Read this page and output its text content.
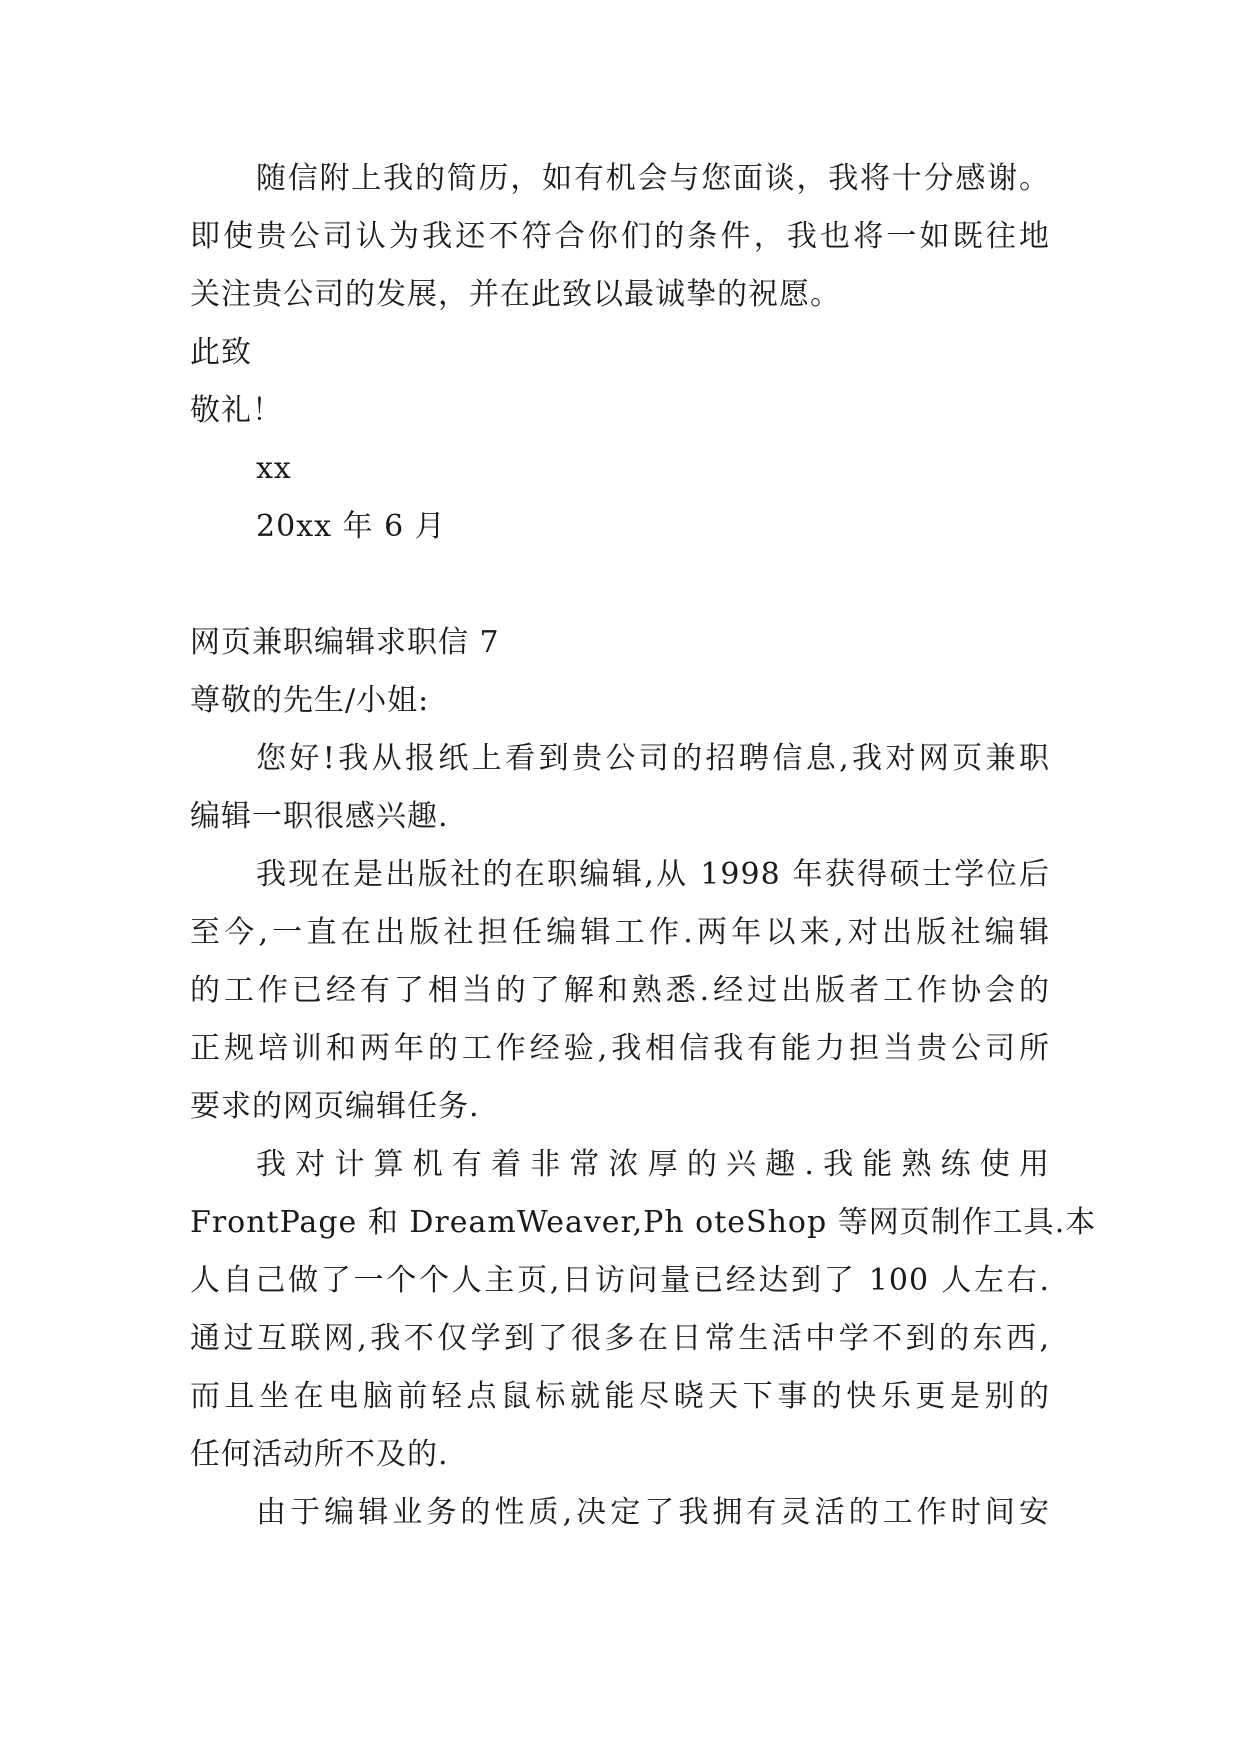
随信附上我的简历，如有机会与您面谈，我将十分感谢。
即使贵公司认为我还不符合你们的条件，我也将一如既往地
关注贵公司的发展，并在此致以最诚挚的祝愿。
此致
敬礼！
xx
20xx 年 6 月
网页兼职编辑求职信 7
尊敬的先生/小姐:
您好!我从报纸上看到贵公司的招聘信息,我对网页兼职
编辑一职很感兴趣.
我现在是出版社的在职编辑,从 1998 年获得硕士学位后
至今,一直在出版社担任编辑工作.两年以来,对出版社编辑
的工作已经有了相当的了解和熟悉.经过出版者工作协会的
正规培训和两年的工作经验,我相信我有能力担当贵公司所
要求的网页编辑任务.
我对计算机有着非常浓厚的兴趣.我能熟练使用
FrontPage 和 DreamWeaver,Ph oteShop 等网页制作工具.本
人自己做了一个个人主页,日访问量已经达到了 100 人左右.
通过互联网,我不仅学到了很多在日常生活中学不到的东西,
而且坐在电脑前轻点鼠标就能尽晓天下事的快乐更是别的
任何活动所不及的.
由于编辑业务的性质,决定了我拥有灵活的工作时间安
